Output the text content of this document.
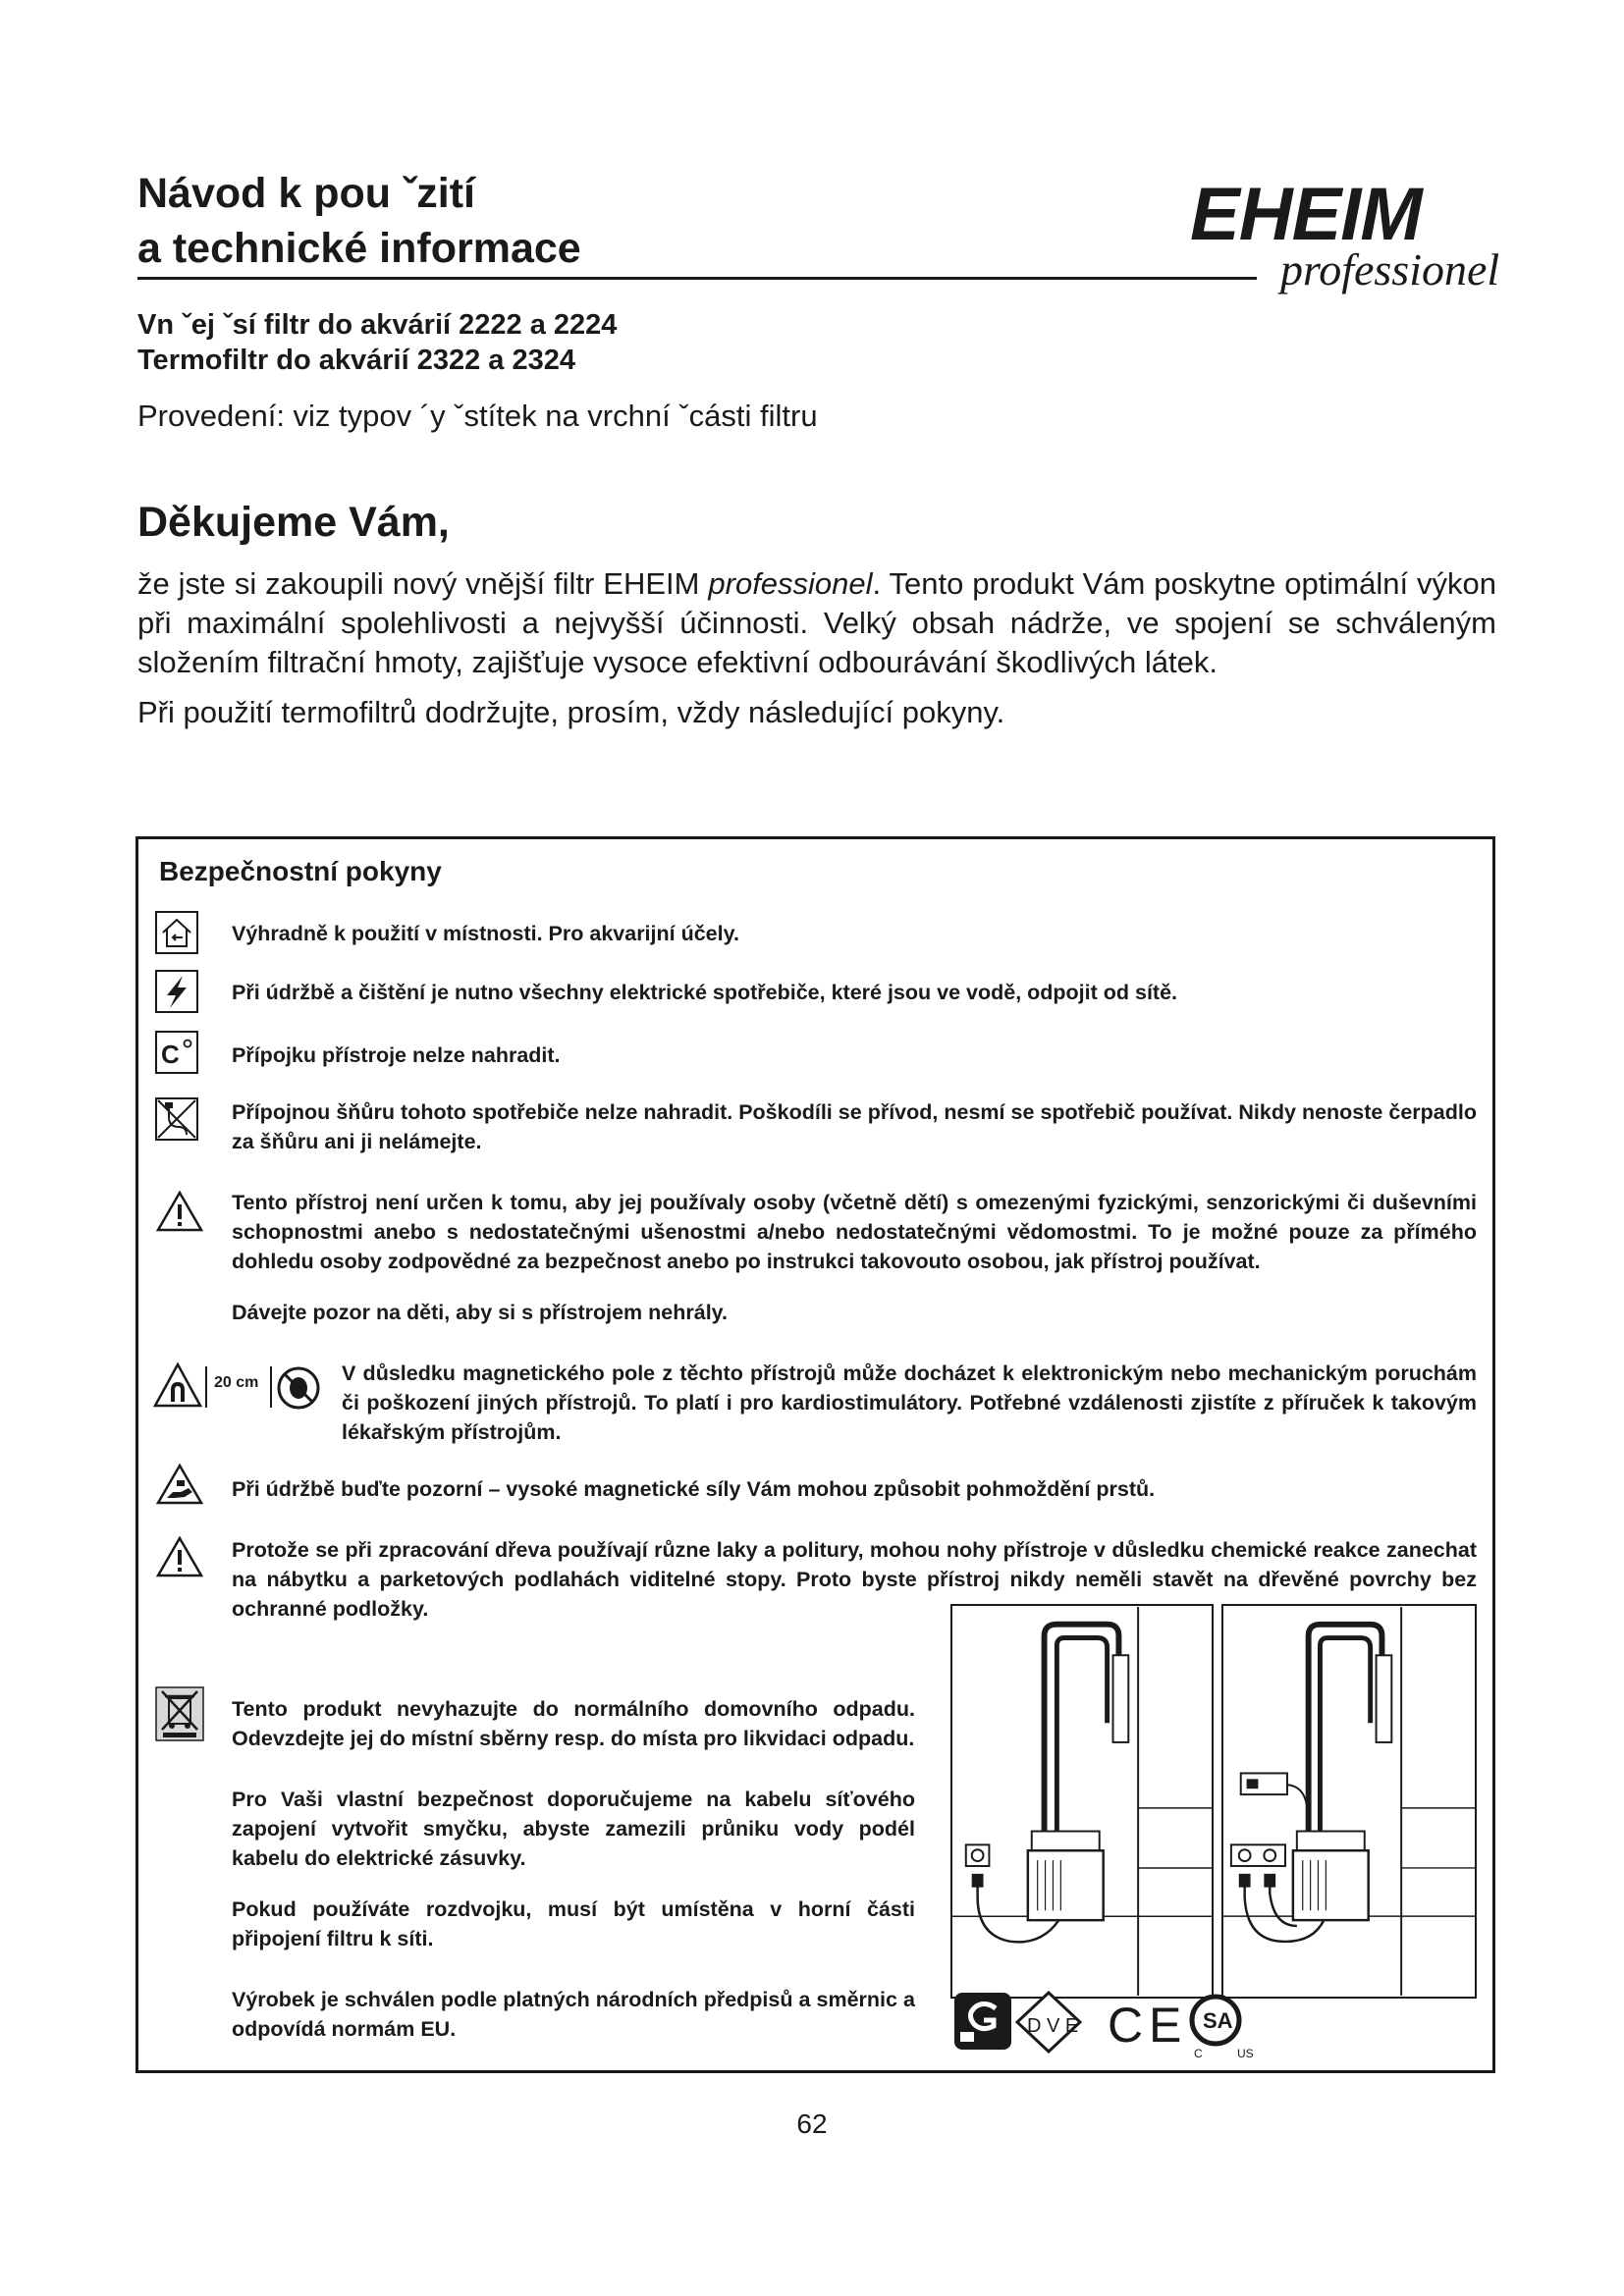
Návod k pou ˇzití
a technické informace	EHEIM
professionel
Vn ˇej ˇsí filtr do akvárií 2222 a 2224
Termofiltr do akvárií 2322 a 2324
Provedení: viz typov ´y ˇstítek na vrchní ˇcásti filtru
Děkujeme Vám,
že jste si zakoupili nový vnější filtr EHEIM professionel. Tento produkt Vám poskytne optimální výkon při maximální spolehlivosti a nejvyšší účinnosti. Velký obsah nádrže, ve spojení se schváleným složením filtrační hmoty, zajišťuje vysoce efektivní odbourávání škodlivých látek.
Při použití termofiltrů dodržujte, prosím, vždy následující pokyny.
Bezpečnostní pokyny
Výhradně k použití v místnosti. Pro akvarijní účely.
Při údržbě a čištění je nutno všechny elektrické spotřebiče, které jsou ve vodě, odpojit od sítě.
C Přípojku přístroje nelze nahradit.
Přípojnou šňůru tohoto spotřebiče nelze nahradit. Poškodíli se přívod, nesmí se spotřebič používat. Nikdy nenoste čerpadlo za šňůru ani ji nelámejte.
Tento přístroj není určen k tomu, aby jej používaly osoby (včetně dětí) s omezenými fyzickými, senzorickými či duševními schopnostmi anebo s nedostatečnými ušenostmi a/nebo nedostatečnými vědomostmi. To je možné pouze za přímého dohledu osoby zodpovědné za bezpečnost anebo po instrukci takovouto osobou, jak přístroj používat.
Dávejte pozor na děti, aby si s přístrojem nehrály.
20 cm	V důsledku magnetického pole z těchto přístrojů může docházet k elektronickým nebo mechanickým poruchám či poškození jiných přístrojů. To platí i pro kardiostimulátory. Potřebné vzdálenosti zjistíte z příruček k takovým lékařským přístrojům.
Při údržbě buďte pozorní – vysoké magnetické síly Vám mohou způsobit pohmoždění prstů.
Protože se při zpracování dřeva používají různe laky a politury, mohou nohy přístroje v důsledku chemické reakce zanechat na nábytku a parketových podlahách viditelné stopy. Proto byste přístroj nikdy neměli stavět na dřevěné povrchy bez ochranné podložky.
Tento produkt nevyhazujte do normálního domovního odpadu. Odevzdejte jej do místní sběrny resp. do místa pro likvidaci odpadu.
Pro Vaši vlastní bezpečnost doporučujeme na kabelu síťového zapojení vytvořit smyčku, abyste zamezili průniku vody podél kabelu do elektrické zásuvky.
Pokud používáte rozdvojku, musí být umístěna v horní části připojení filtru k síti.
Výrobek je schválen podle platných národních předpisů a směrnic a odpovídá normám EU.	D V E C E SA
C	US
62
